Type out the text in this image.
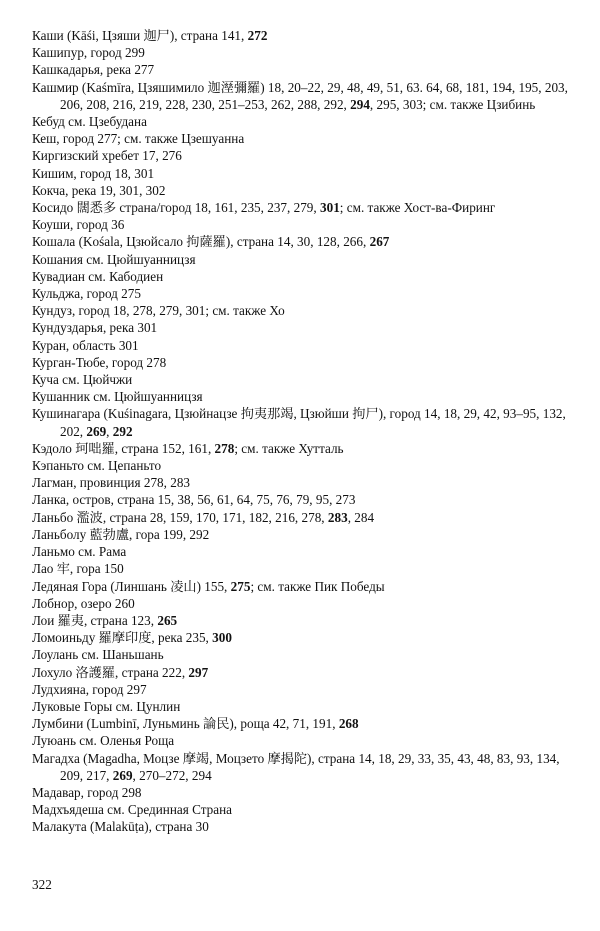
Каши (Kāśi, Цзяши 迦尸), страна 141, 272

Кашипур, город 299

Кашкадарья, река 277

Кашмир (Kaśmīra, Цзяшимило 迦溼彌羅) 18, 20–22, 29, 48, 49, 51, 63. 64, 68, 181, 194, 195, 203, 206, 208, 216, 219, 228, 230, 251–253, 262, 288, 292, 294, 295, 303; см. также Цзибинь

Кебуд см. Цзебудана

Кеш, город 277; см. также Цзешуанна

Киргизский хребет 17, 276

Кишим, город 18, 301

Кокча, река 19, 301, 302

Косидо 闊悉多 страна/город 18, 161, 235, 237, 279, 301; см. также Хост-ва-Фиринг

Коуши, город 36

Кошала (Kośala, Цзюйсало 拘薩羅), страна 14, 30, 128, 266, 267

Кошания см. Цюйшуанницзя

Кувадиан см. Кабодиен

Кульджа, город 275

Кундуз, город 18, 278, 279, 301; см. также Хо

Кундуздарья, река 301

Куран, область 301

Курган-Тюбе, город 278

Куча см. Цюйчжи

Кушанник см. Цюйшуанницзя

Кушинагара (Kuśinagara, Цзюйнацзе 拘夷那竭, Цзюйши 拘尸), город 14, 18, 29, 42, 93–95, 132, 202, 269, 292

Кэдоло 珂咄羅, страна 152, 161, 278; см. также Хутталь

Кэпаньто см. Цепаньто

Лагман, провинция 278, 283

Ланка, остров, страна 15, 38, 56, 61, 64, 75, 76, 79, 95, 273

Ланьбо 濫波, страна 28, 159, 170, 171, 182, 216, 278, 283, 284

Ланьболу 藍勃盧, гора 199, 292

Ланьмо см. Рама

Лао 牢, гора 150

Ледяная Гора (Линшань 凌山) 155, 275; см. также Пик Победы

Лобнор, озеро 260

Лои 羅夷, страна 123, 265

Ломоиньду 羅摩印度, река 235, 300

Лоулань см. Шаньшань

Лохуло 洛護羅, страна 222, 297

Лудхияна, город 297

Луковые Горы см. Цунлин

Лумбини (Lumbinī, Луньминь 論民), роща 42, 71, 191, 268

Луюань см. Оленья Роща

Магадха (Magadha, Моцзе 摩竭, Моцзето 摩揭陀), страна 14, 18, 29, 33, 35, 43, 48, 83, 93, 134, 209, 217, 269, 270–272, 294

Мадавар, город 298

Мадхъядеша см. Срединная Страна

Малакута (Malakūṭa), страна 30

322
